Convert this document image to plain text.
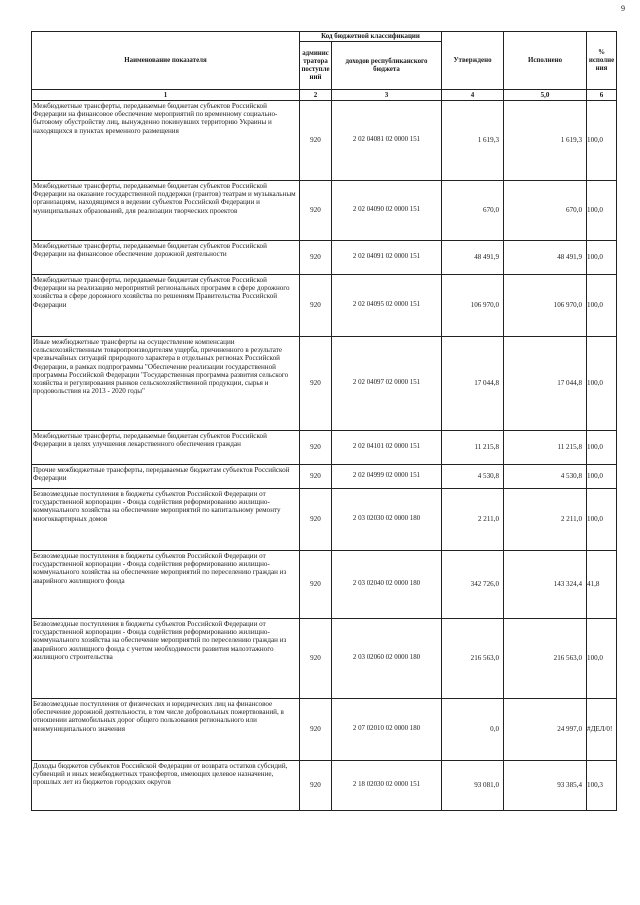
9
Наименование показателя	Код бюджетной классификации		Утверждено	Исполнено	% исполне ния
	админис тратора поступле ний	доходов республиканского бюджета			
1	2	3	4	5,0	6
Межбюджетные трансферты, передаваемые бюджетам субъектов Российской Федерации на финансовое обеспечение мероприятий по временному социально-бытовому обустройству лиц, вынужденно покинувших территорию Украины и находящихся в пунктах временного размещения	920	2 02 04081 02 0000 151	1 619,3	1 619,3	100,0
Межбюджетные трансферты, передаваемые бюджетам субъектов Российской Федерации на оказание государственной поддержки (грантов) театрам и музыкальным организациям, находящимся в ведении субъектов Российской Федерации и муниципальных образований, для реализации творческих проектов	920	2 02 04090 02 0000 151	670,0	670,0	100,0
Межбюджетные трансферты, передаваемые бюджетам субъектов Российской Федерации на финансовое обеспечение дорожной деятельности	920	2 02 04091 02 0000 151	48 491,9	48 491,9	100,0
Межбюджетные трансферты, передаваемые бюджетам субъектов Российской Федерации на реализацию мероприятий региональных программ в сфере дорожного хозяйства в сфере дорожного хозяйства по решениям Правительства Российской Федерации	920	2 02 04095 02 0000 151	106 970,0	106 970,0	100,0
Иные межбюджетные трансферты на осуществление компенсации сельскохозяйственным товаропроизводителям ущерба, причиненного в результате чрезвычайных ситуаций природного характера в отдельных регионах Российской Федерации, в рамках подпрограммы "Обеспечение реализации государственной программы Российской Федерации "Государственная программа развития сельского хозяйства и регулирования рынков сельскохозяйственной продукции, сырья и продовольствия на 2013 - 2020 годы"	920	2 02 04097 02 0000 151	17 044,8	17 044,8	100,0
Межбюджетные трансферты, передаваемые бюджетам субъектов Российской Федерации в целях улучшения лекарственного обеспечения граждан	920	2 02 04101 02 0000 151	11 215,8	11 215,8	100,0
Прочие межбюджетные трансферты, передаваемые бюджетам субъектов Российской Федерации	920	2 02 04999 02 0000 151	4 530,8	4 530,8	100,0
Безвозмездные поступления в бюджеты субъектов Российской Федерации от государственной корпорации - Фонда содействия реформированию жилищно-коммунального хозяйства на обеспечение мероприятий по капитальному ремонту многоквартирных домов	920	2 03 02030 02 0000 180	2 211,0	2 211,0	100,0
Безвозмездные поступления в бюджеты субъектов Российской Федерации от государственной корпорации - Фонда содействия реформированию жилищно-коммунального хозяйства на обеспечение мероприятий по переселению граждан из аварийного жилищного фонда	920	2 03 02040 02 0000 180	342 726,0	143 324,4	41,8
Безвозмездные поступления в бюджеты субъектов Российской Федерации от государственной корпорации - Фонда содействия реформированию жилищно-коммунального хозяйства на обеспечение мероприятий по переселению граждан из аварийного жилищного фонда с учетом необходимости развития малоэтажного жилищного строительства	920	2 03 02060 02 0000 180	216 563,0	216 563,0	100,0
Безвозмездные поступления от физических и юридических лиц на финансовое обеспечение дорожной деятельности, в том числе добровольных пожертвований, в отношении автомобильных дорог общего пользования регионального или межмуниципального значения	920	2 07 02010 02 0000 180	0,0	24 997,0	#ДЕЛ/0!
Доходы бюджетов субъектов Российской Федерации от возврата остатков субсидий, субвенций и иных межбюджетных трансфертов, имеющих целевое назначение, прошлых лет из бюджетов городских округов	920	2 18 02030 02 0000 151	93 081,0	93 385,4	100,3
